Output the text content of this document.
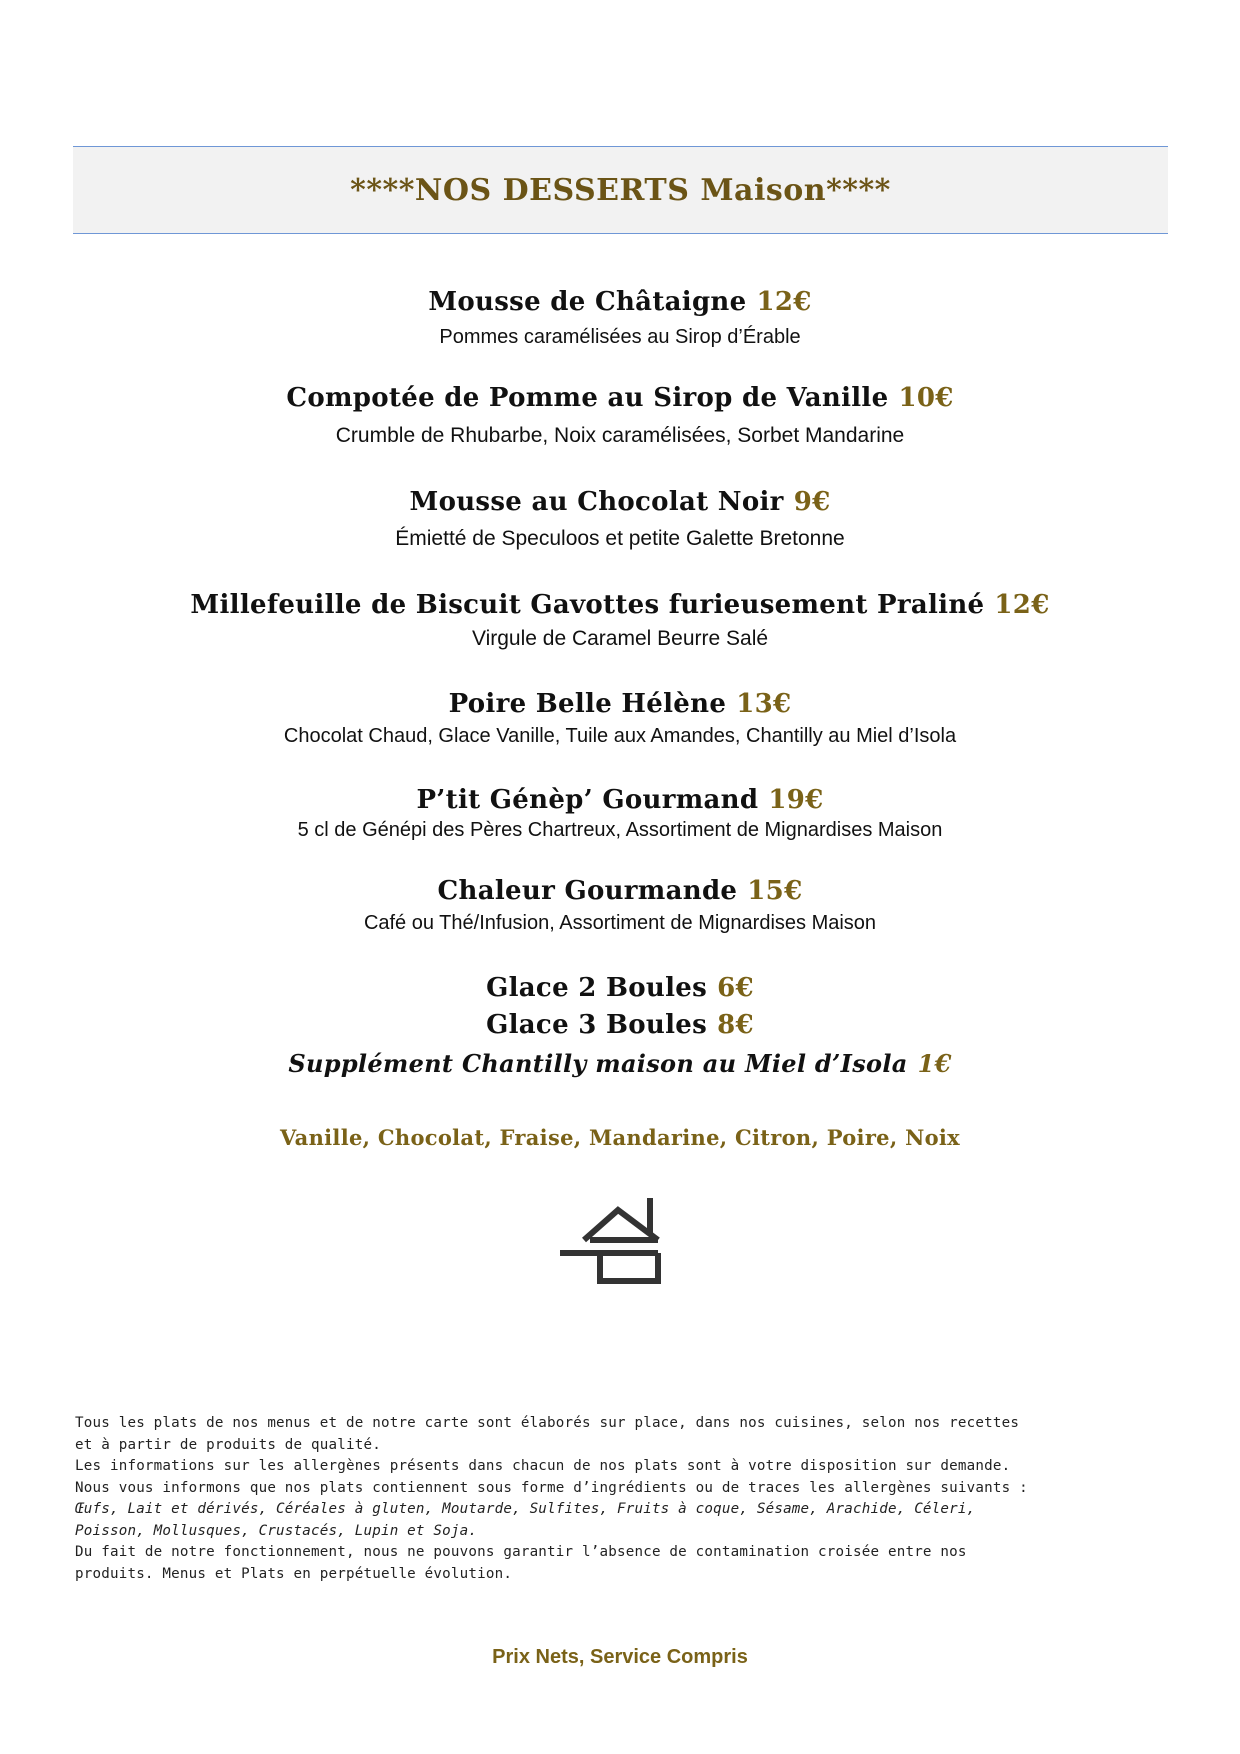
****NOS DESSERTS Maison****
Mousse de Châtaigne 12€
Pommes caramélisées au Sirop d’Érable
Compotée de Pomme au Sirop de Vanille 10€
Crumble de Rhubarbe, Noix caramélisées, Sorbet Mandarine
Mousse au Chocolat Noir 9€
Émietté de Speculoos et petite Galette Bretonne
Millefeuille de Biscuit Gavottes furieusement Praliné 12€
Virgule de Caramel Beurre Salé
Poire Belle Hélène 13€
Chocolat Chaud, Glace Vanille, Tuile aux Amandes, Chantilly au Miel d’Isola
P’tit Génèp’ Gourmand 19€
5 cl de Génépi des Pères Chartreux, Assortiment de Mignardises Maison
Chaleur Gourmande 15€
Café ou Thé/Infusion, Assortiment de Mignardises Maison
Glace 2 Boules 6€
Glace 3 Boules 8€
Supplément Chantilly maison au Miel d’Isola 1€
Vanille, Chocolat, Fraise, Mandarine, Citron, Poire, Noix
Tous les plats de nos menus et de notre carte sont élaborés sur place, dans nos cuisines, selon nos recettes
et à partir de produits de qualité.
Les informations sur les allergènes présents dans chacun de nos plats sont à votre disposition sur demande.
Nous vous informons que nos plats contiennent sous forme d’ingrédients ou de traces les allergènes suivants :
Œufs, Lait et dérivés, Céréales à gluten, Moutarde, Sulfites, Fruits à coque, Sésame, Arachide, Céleri,
Poisson, Mollusques, Crustacés, Lupin et Soja.
Du fait de notre fonctionnement, nous ne pouvons garantir l’absence de contamination croisée entre nos
produits. Menus et Plats en perpétuelle évolution.
Prix Nets, Service Compris
